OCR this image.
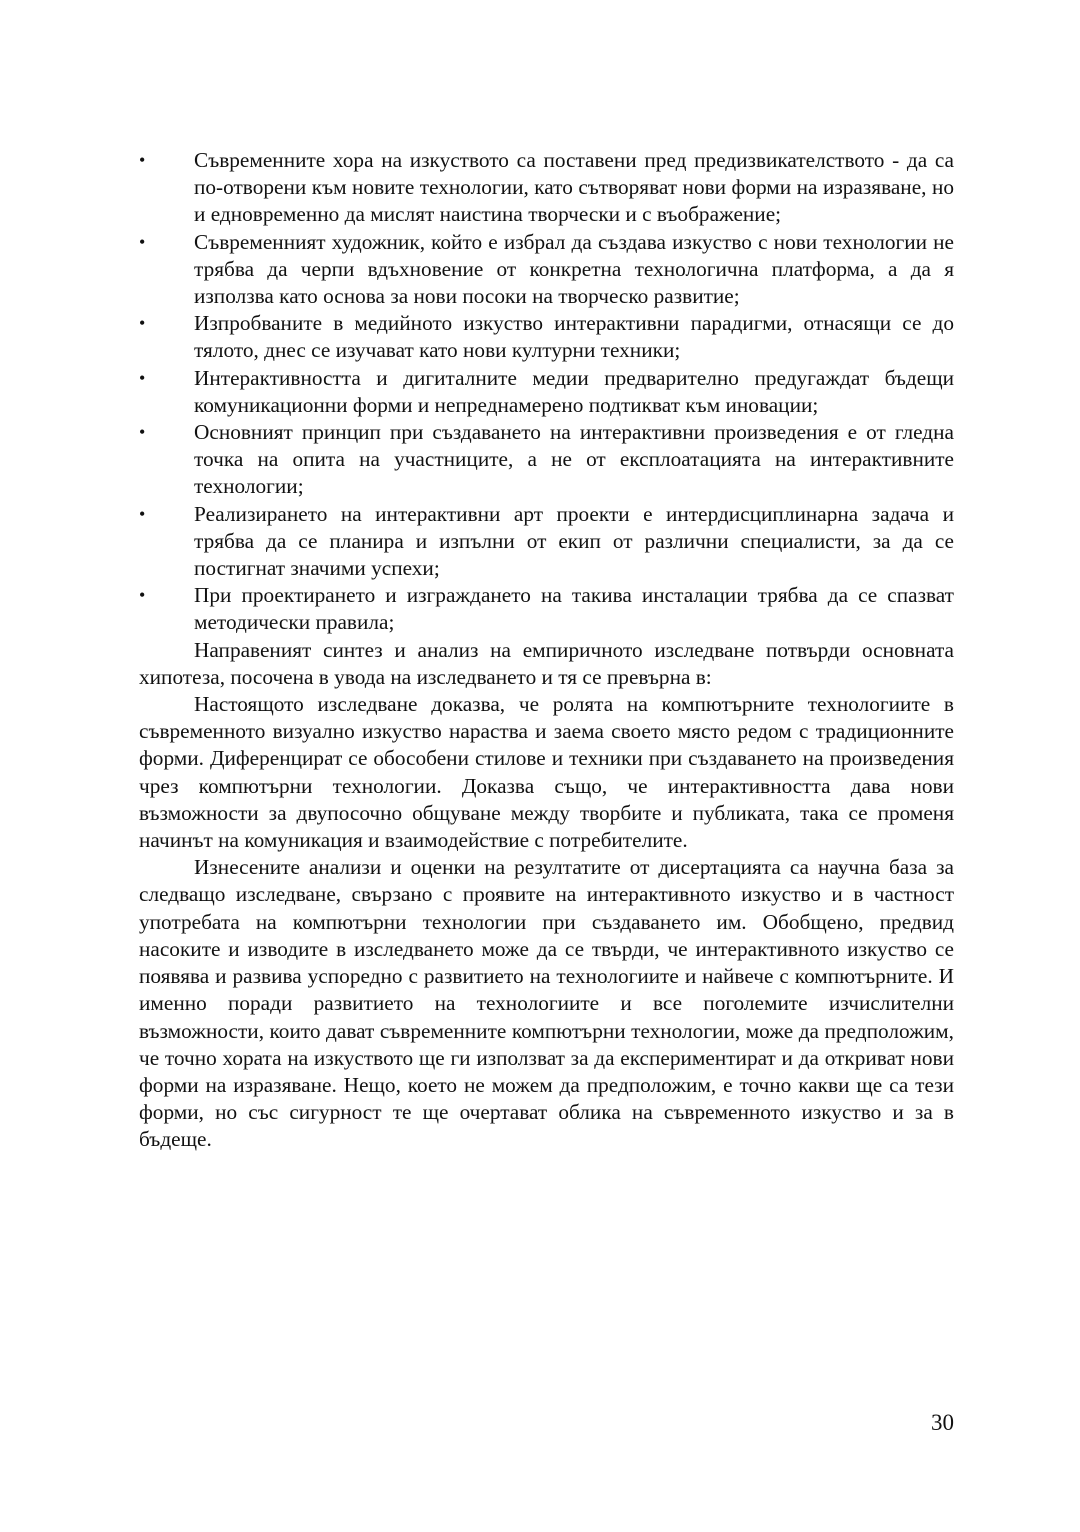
•	Съвременните хора на изкуството са поставени пред предизвикателството - да са по-отворени към новите технологии, като сътворяват нови форми на изразяване, но и едновременно да мислят наистина творчески и с въображение;
•	Съвременният художник, който е избрал да създава изкуство с нови технологии не трябва да черпи вдъхновение от конкретна технологична платформа, а да я използва като основа за нови посоки на творческо развитие;
•	Изпробваните в медийното изкуство интерактивни парадигми, отнасящи се до тялото, днес се изучават като нови културни техники;
•	Интерактивността и дигиталните медии предварително предугаждат бъдещи комуникационни форми и непреднамерено подтикват към иновации;
•	Основният принцип при създаването на интерактивни произведения е от гледна точка на опита на участниците, а не от експлоатацията на интерактивните технологии;
•	Реализирането на интерактивни арт проекти е интердисциплинарна задача и трябва да се планира и изпълни от екип от различни специалисти, за да се постигнат значими успехи;
•	При проектирането и изграждането на такива инсталации трябва да се спазват методически правила;

Направеният синтез и анализ на емпиричното изследване потвърди основната хипотеза, посочена в увода на изследването и тя се превърна в:

Настоящото изследване доказва, че ролята на компютърните технологиите в съвременното визуално изкуство нараства и заема своето място редом с традиционните форми. Диференцират се обособени стилове и техники при създаването на произведения чрез компютърни технологии. Доказва също, че интерактивността дава нови възможности за двупосочно общуване между творбите и публиката, така се променя начинът на комуникация и взаимодействие с потребителите.

Изнесените анализи и оценки на резултатите от дисертацията са научна база за следващо изследване, свързано с проявите на интерактивното изкуство и в частност употребата на компютърни технологии при създаването им. Обобщено, предвид насоките и изводите в изследването може да се твърди, че интерактивното изкуство се появява и развива успоредно с развитието на технологиите и найвече с компютърните. И именно поради развитието на технологиите и все поголемите изчислителни възможности, които дават съвременните компютърни технологии, може да предположим, че точно хората на изкуството ще ги използват за да експериментират и да откриват нови форми на изразяване. Нещо, което не можем да предположим, е точно какви ще са тези форми, но със сигурност те ще очертават облика на съвременното изкуство и за в бъдеще.

30
